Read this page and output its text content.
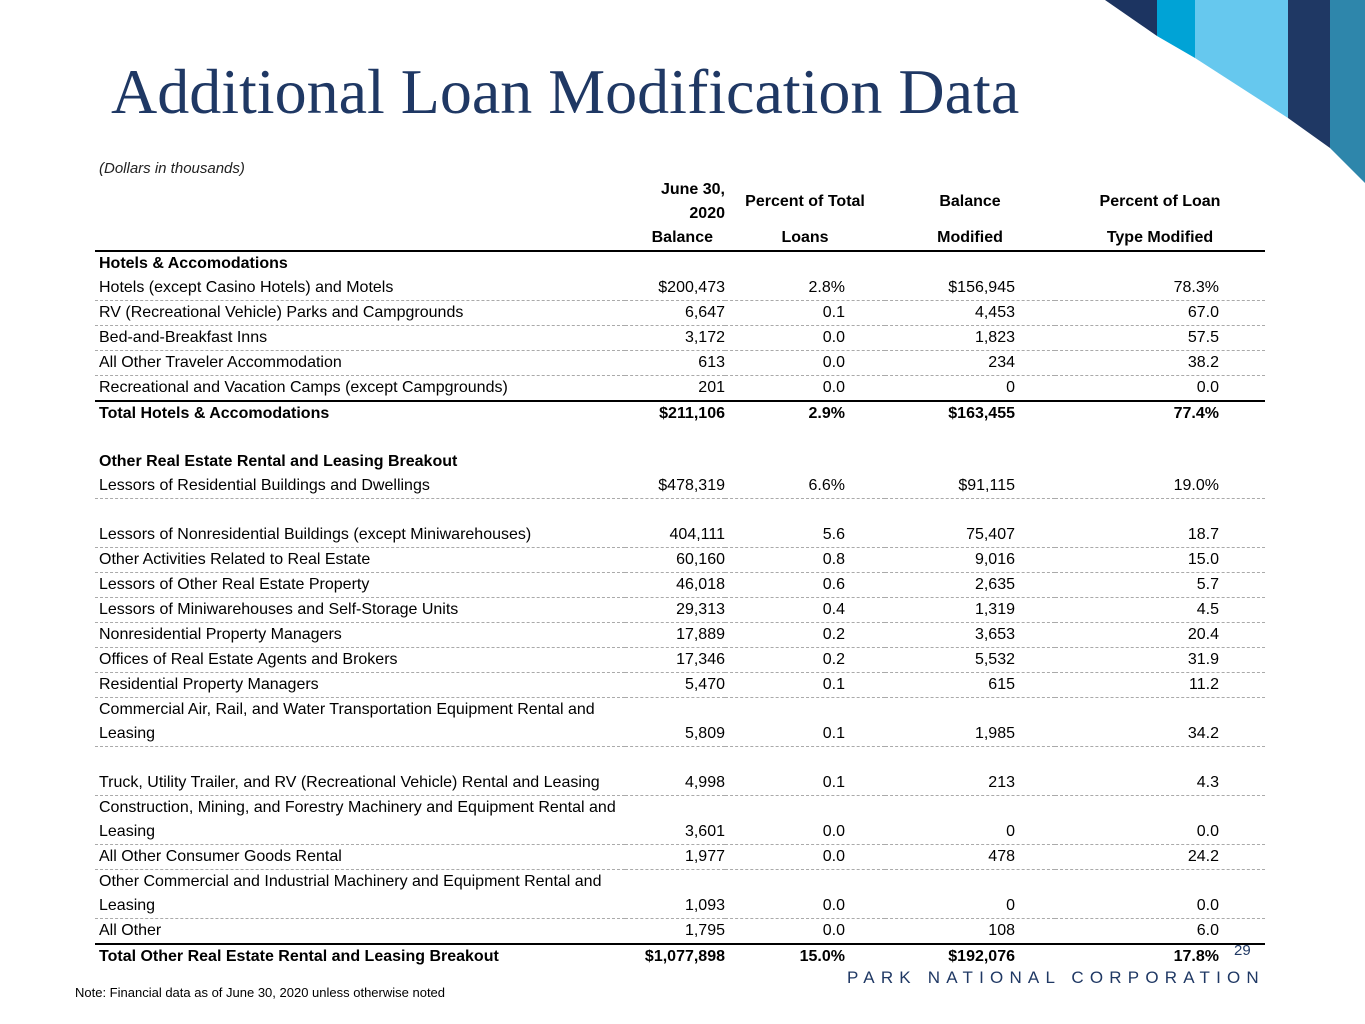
Additional Loan Modification Data
(Dollars in thousands)
	June 30, 2020	Percent of Total	Balance	Percent of Loan
	Balance	Loans	Modified	Type Modified
Hotels & Accomodations				
Hotels (except Casino Hotels) and Motels	$200,473	2.8%	$156,945	78.3%
RV (Recreational Vehicle) Parks and Campgrounds	6,647	0.1	4,453	67.0
Bed-and-Breakfast Inns	3,172	0.0	1,823	57.5
All Other Traveler Accommodation	613	0.0	234	38.2
Recreational and Vacation Camps (except Campgrounds)	201	0.0	0	0.0
Total Hotels & Accomodations	$211,106	2.9%	$163,455	77.4%

Other Real Estate Rental and Leasing Breakout				
Lessors of Residential Buildings and Dwellings	$478,319	6.6%	$91,115	19.0%
Lessors of Nonresidential Buildings (except Miniwarehouses)	404,111	5.6	75,407	18.7
Other Activities Related to Real Estate	60,160	0.8	9,016	15.0
Lessors of Other Real Estate Property	46,018	0.6	2,635	5.7
Lessors of Miniwarehouses and Self-Storage Units	29,313	0.4	1,319	4.5
Nonresidential Property Managers	17,889	0.2	3,653	20.4
Offices of Real Estate Agents and Brokers	17,346	0.2	5,532	31.9
Residential Property Managers	5,470	0.1	615	11.2
Commercial Air, Rail, and Water Transportation Equipment Rental and Leasing	5,809	0.1	1,985	34.2
Truck, Utility Trailer, and RV (Recreational Vehicle) Rental and Leasing	4,998	0.1	213	4.3
Construction, Mining, and Forestry Machinery and Equipment Rental and Leasing	3,601	0.0	0	0.0
All Other Consumer Goods Rental	1,977	0.0	478	24.2
Other Commercial and Industrial Machinery and Equipment Rental and Leasing	1,093	0.0	0	0.0
All Other	1,795	0.0	108	6.0
Total Other Real Estate Rental and Leasing Breakout	$1,077,898	15.0%	$192,076	17.8% 29
PARK NATIONAL CORPORATION
Note: Financial data as of June 30, 2020 unless otherwise noted
